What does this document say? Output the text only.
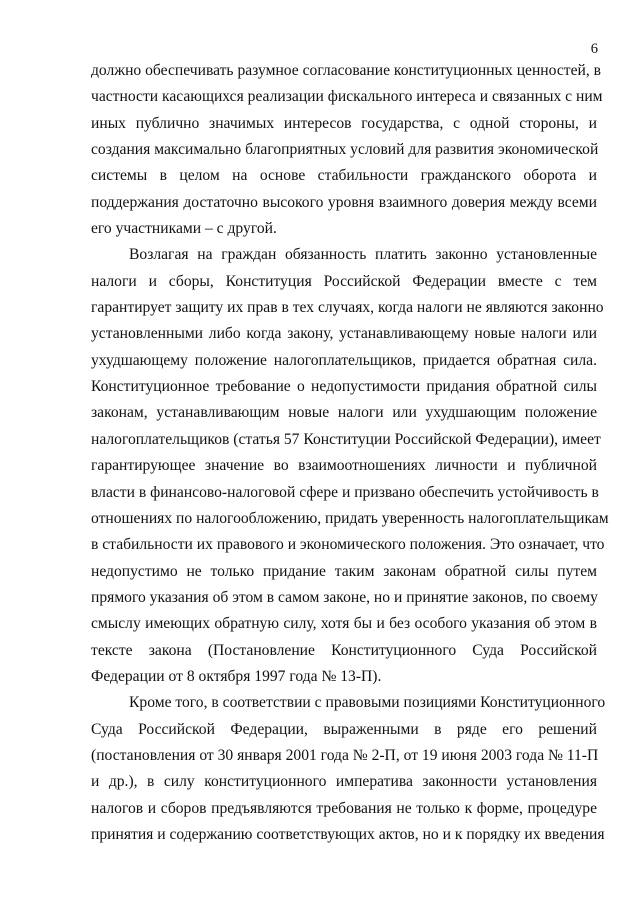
6
должно обеспечивать разумное согласование конституционных ценностей, в
частности касающихся реализации фискального интереса и связанных с ним
иных публично значимых интересов государства, с одной стороны, и
создания максимально благоприятных условий для развития экономической
системы в целом на основе стабильности гражданского оборота и
поддержания достаточно высокого уровня взаимного доверия между всеми
его участниками – с другой.
Возлагая на граждан обязанность платить законно установленные
налоги и сборы, Конституция Российской Федерации вместе с тем
гарантирует защиту их прав в тех случаях, когда налоги не являются законно
установленными либо когда закону, устанавливающему новые налоги или
ухудшающему положение налогоплательщиков, придается обратная сила.
Конституционное требование о недопустимости придания обратной силы
законам, устанавливающим новые налоги или ухудшающим положение
налогоплательщиков (статья 57 Конституции Российской Федерации), имеет
гарантирующее значение во взаимоотношениях личности и публичной
власти в финансово-налоговой сфере и призвано обеспечить устойчивость в
отношениях по налогообложению, придать уверенность налогоплательщикам
в стабильности их правового и экономического положения. Это означает, что
недопустимо не только придание таким законам обратной силы путем
прямого указания об этом в самом законе, но и принятие законов, по своему
смыслу имеющих обратную силу, хотя бы и без особого указания об этом в
тексте закона (Постановление Конституционного Суда Российской
Федерации от 8 октября 1997 года № 13-П).
Кроме того, в соответствии с правовыми позициями Конституционного
Суда Российской Федерации, выраженными в ряде его решений
(постановления от 30 января 2001 года № 2-П, от 19 июня 2003 года № 11-П
и др.), в силу конституционного императива законности установления
налогов и сборов предъявляются требования не только к форме, процедуре
принятия и содержанию соответствующих актов, но и к порядку их введения
